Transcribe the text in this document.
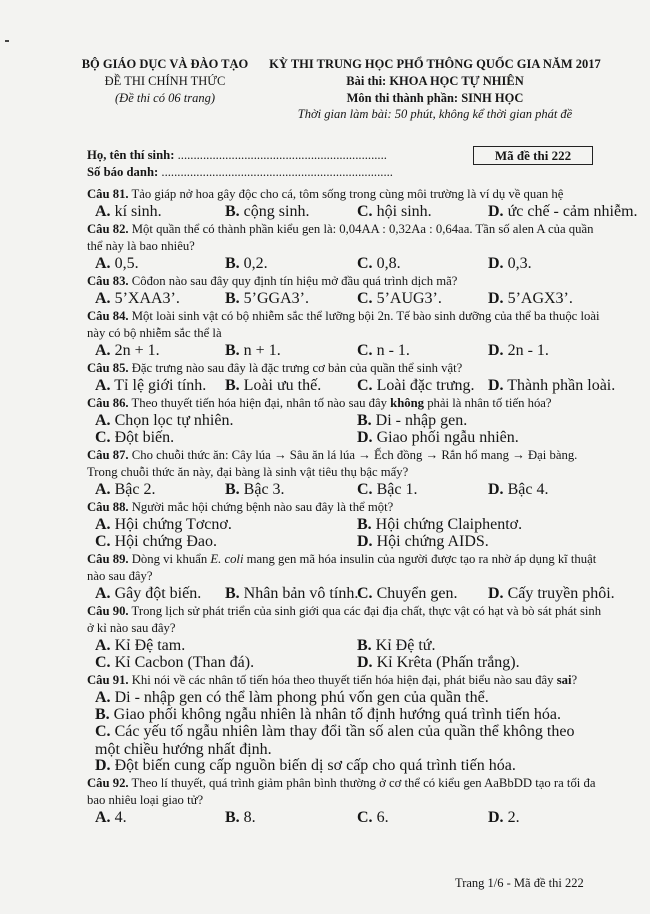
BỘ GIÁO DỤC VÀ ĐÀO TẠO
ĐỀ THI CHÍNH THỨC
(Đề thi có 06 trang)
KỲ THI TRUNG HỌC PHỔ THÔNG QUỐC GIA NĂM 2017
Bài thi: KHOA HỌC TỰ NHIÊN
Môn thi thành phần: SINH HỌC
Thời gian làm bài: 50 phút, không kể thời gian phát đề
Họ, tên thí sinh: ..................................................................
Số báo danh: .........................................................................
Mã đề thi 222
Câu 81. Tảo giáp nở hoa gây độc cho cá, tôm sống trong cùng môi trường là ví dụ về quan hệ
A. kí sinh.	B. cộng sinh.	C. hội sinh.	D. ức chế - cảm nhiễm.
Câu 82. Một quần thể có thành phần kiểu gen là: 0,04AA : 0,32Aa : 0,64aa. Tần số alen A của quần thể này là bao nhiêu?
A. 0,5.	B. 0,2.	C. 0,8.	D. 0,3.
Câu 83. Côđon nào sau đây quy định tín hiệu mở đầu quá trình dịch mã?
A. 5’XAA3’.	B. 5’GGA3’.	C. 5’AUG3’.	D. 5’AGX3’.
Câu 84. Một loài sinh vật có bộ nhiễm sắc thể lưỡng bội 2n. Tế bào sinh dưỡng của thể ba thuộc loài này có bộ nhiễm sắc thể là
A. 2n + 1.	B. n + 1.	C. n - 1.	D. 2n - 1.
Câu 85. Đặc trưng nào sau đây là đặc trưng cơ bản của quần thể sinh vật?
A. Tỉ lệ giới tính. B. Loài ưu thế. C. Loài đặc trưng. D. Thành phần loài.
Câu 86. Theo thuyết tiến hóa hiện đại, nhân tố nào sau đây không phải là nhân tố tiến hóa?
A. Chọn lọc tự nhiên.	B. Di - nhập gen.
C. Đột biến.	D. Giao phối ngẫu nhiên.
Câu 87. Cho chuỗi thức ăn: Cây lúa → Sâu ăn lá lúa → Ếch đồng → Rắn hổ mang → Đại bàng. Trong chuỗi thức ăn này, đại bàng là sinh vật tiêu thụ bậc mấy?
A. Bậc 2.	B. Bậc 3.	C. Bậc 1.	D. Bậc 4.
Câu 88. Người mắc hội chứng bệnh nào sau đây là thể một?
A. Hội chứng Tơcnơ.	B. Hội chứng Claiphentơ.
C. Hội chứng Đao.	D. Hội chứng AIDS.
Câu 89. Dòng vi khuẩn E. coli mang gen mã hóa insulin của người được tạo ra nhờ áp dụng kĩ thuật nào sau đây?
A. Gây đột biến. B. Nhân bản vô tính.
C. Chuyển gen. D. Cấy truyền phôi.
Câu 90. Trong lịch sử phát triển của sinh giới qua các đại địa chất, thực vật có hạt và bò sát phát sinh ở kỉ nào sau đây?
A. Kỉ Đệ tam.	B. Kỉ Đệ tứ.
C. Kỉ Cacbon (Than đá).	D. Kỉ Krêta (Phấn trắng).
Câu 91. Khi nói về các nhân tố tiến hóa theo thuyết tiến hóa hiện đại, phát biểu nào sau đây sai?
A. Di - nhập gen có thể làm phong phú vốn gen của quần thể.
B. Giao phối không ngẫu nhiên là nhân tố định hướng quá trình tiến hóa.
C. Các yếu tố ngẫu nhiên làm thay đổi tần số alen của quần thể không theo một chiều hướng nhất định.
D. Đột biến cung cấp nguồn biến dị sơ cấp cho quá trình tiến hóa.
Câu 92. Theo lí thuyết, quá trình giảm phân bình thường ở cơ thể có kiểu gen AaBbDD tạo ra tối đa bao nhiêu loại giao tử?
A. 4.	B. 8.	C. 6.	D. 2.
Trang 1/6 - Mã đề thi 222
